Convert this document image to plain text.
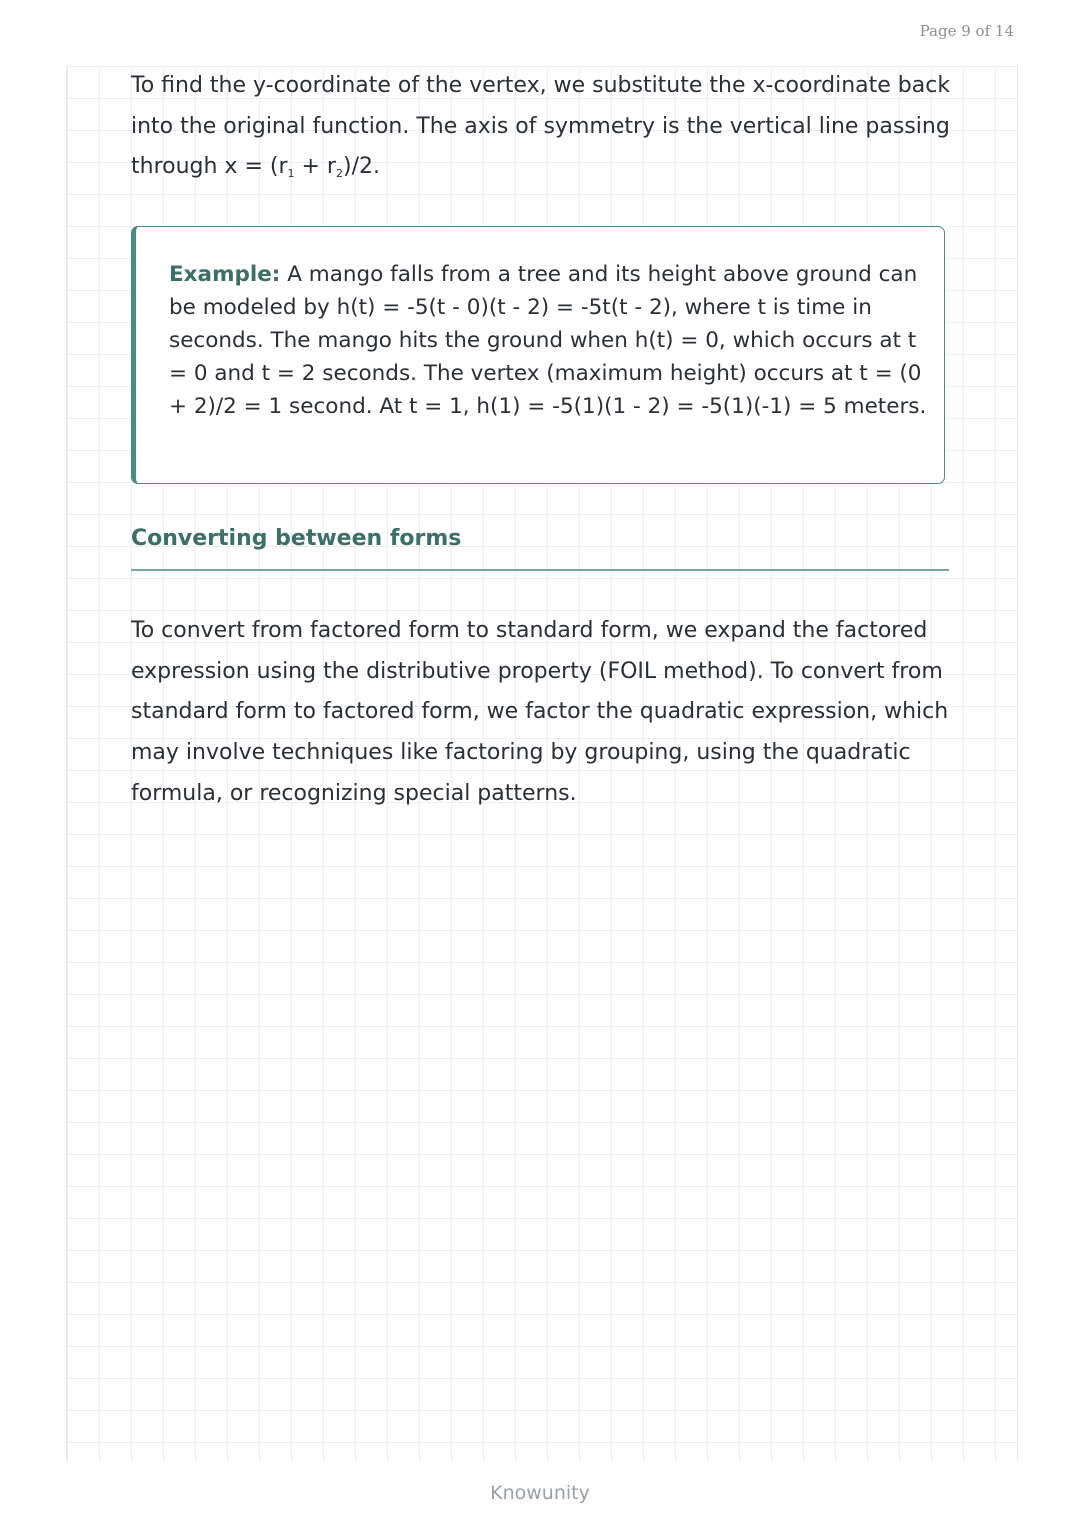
Page 9 of 14

To find the y-coordinate of the vertex, we substitute the x-coordinate back into the original function. The axis of symmetry is the vertical line passing through $x = (r_1 + r_2)/2$.

Example: A mango falls from a tree and its height above ground can be modeled by h(t) = -5(t - 0)(t - 2) = -5t(t - 2), where t is time in seconds. The mango hits the ground when h(t) = 0, which occurs at t = 0 and t = 2 seconds. The vertex (maximum height) occurs at t = (0 + 2)/2 = 1 second. At t = 1, h(1) = -5(1)(1 - 2) = -5(1)(-1) = 5 meters.

Converting between forms

To convert from factored form to standard form, we expand the factored expression using the distributive property (FOIL method). To convert from standard form to factored form, we factor the quadratic expression, which may involve techniques like factoring by grouping, using the quadratic formula, or recognizing special patterns.

Knowunity
